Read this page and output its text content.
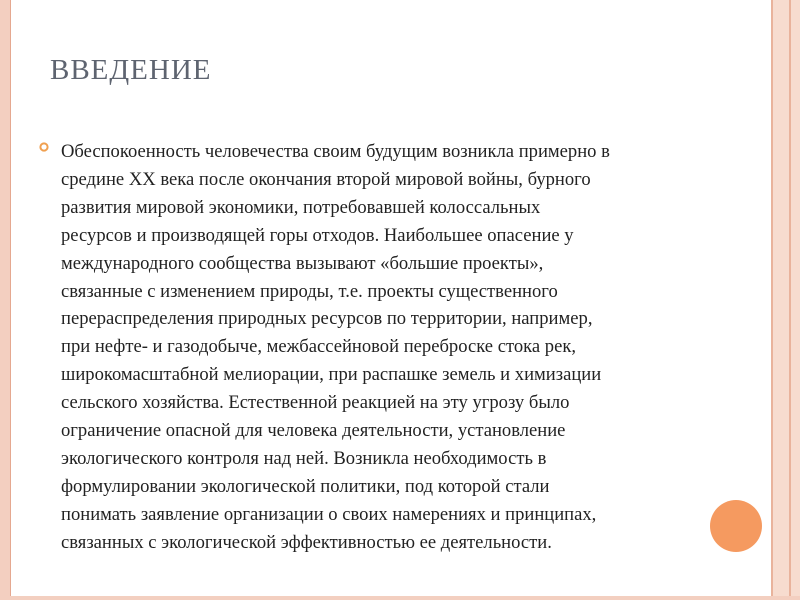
ВВЕДЕНИЕ

Обеспокоенность человечества своим будущим возникла примерно в
средине XX века после окончания второй мировой войны, бурного
развития мировой экономики, потребовавшей колоссальных
ресурсов и производящей горы отходов. Наибольшее опасение у
международного сообщества вызывают «большие проекты»,
связанные с изменением природы, т.е. проекты существенного
перераспределения природных ресурсов по территории, например,
при нефте- и газодобыче, межбассейновой переброске стока рек,
широкомасштабной мелиорации, при распашке земель и химизации
сельского хозяйства. Естественной реакцией на эту угрозу было
ограничение опасной для человека деятельности, установление
экологического контроля над ней. Возникла необходимость в
формулировании экологической политики, под которой стали
понимать заявление организации о своих намерениях и принципах,
связанных с экологической эффективностью ее деятельности.
